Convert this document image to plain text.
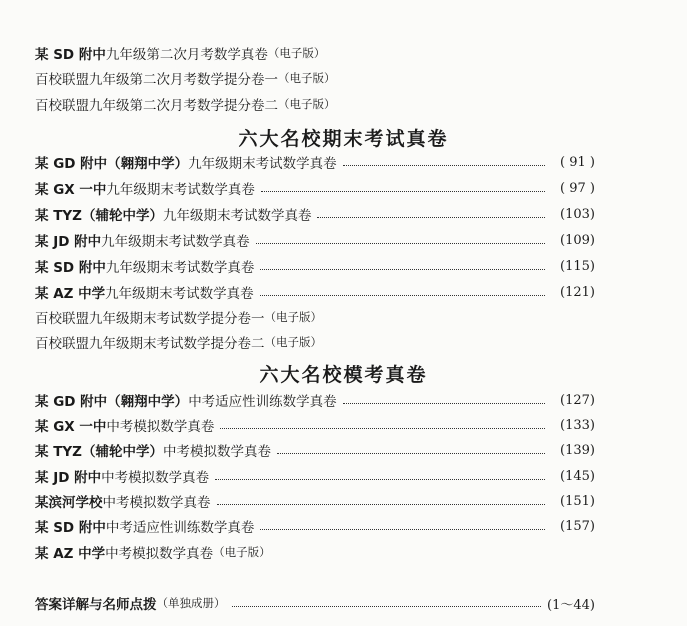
某 SD 附中 九年级第二次月考数学真卷 （电子版）
百校联盟九年级第二次月考数学提分卷一 （电子版）
百校联盟九年级第二次月考数学提分卷二 （电子版）
六大名校期末考试真卷
某 GD 附中（翱翔中学） 九年级期末考试数学真卷	( 91 )
某 GX 一中 九年级期末考试数学真卷	( 97 )
某 TYZ（辅轮中学） 九年级期末考试数学真卷	(103)
某 JD 附中 九年级期末考试数学真卷	(109)
某 SD 附中 九年级期末考试数学真卷	(115)
某 AZ 中学 九年级期末考试数学真卷	(121)
百校联盟九年级期末考试数学提分卷一 （电子版）
百校联盟九年级期末考试数学提分卷二 （电子版）
六大名校模考真卷
某 GD 附中（翱翔中学） 中考适应性训练数学真卷	(127)
某 GX 一中 中考模拟数学真卷	(133)
某 TYZ（辅轮中学） 中考模拟数学真卷	(139)
某 JD 附中 中考模拟数学真卷	(145)
某滨河学校 中考模拟数学真卷	(151)
某 SD 附中 中考适应性训练数学真卷	(157)
某 AZ 中学 中考模拟数学真卷 （电子版）
答案详解与名师点拨 （单独成册）	(1～44)
